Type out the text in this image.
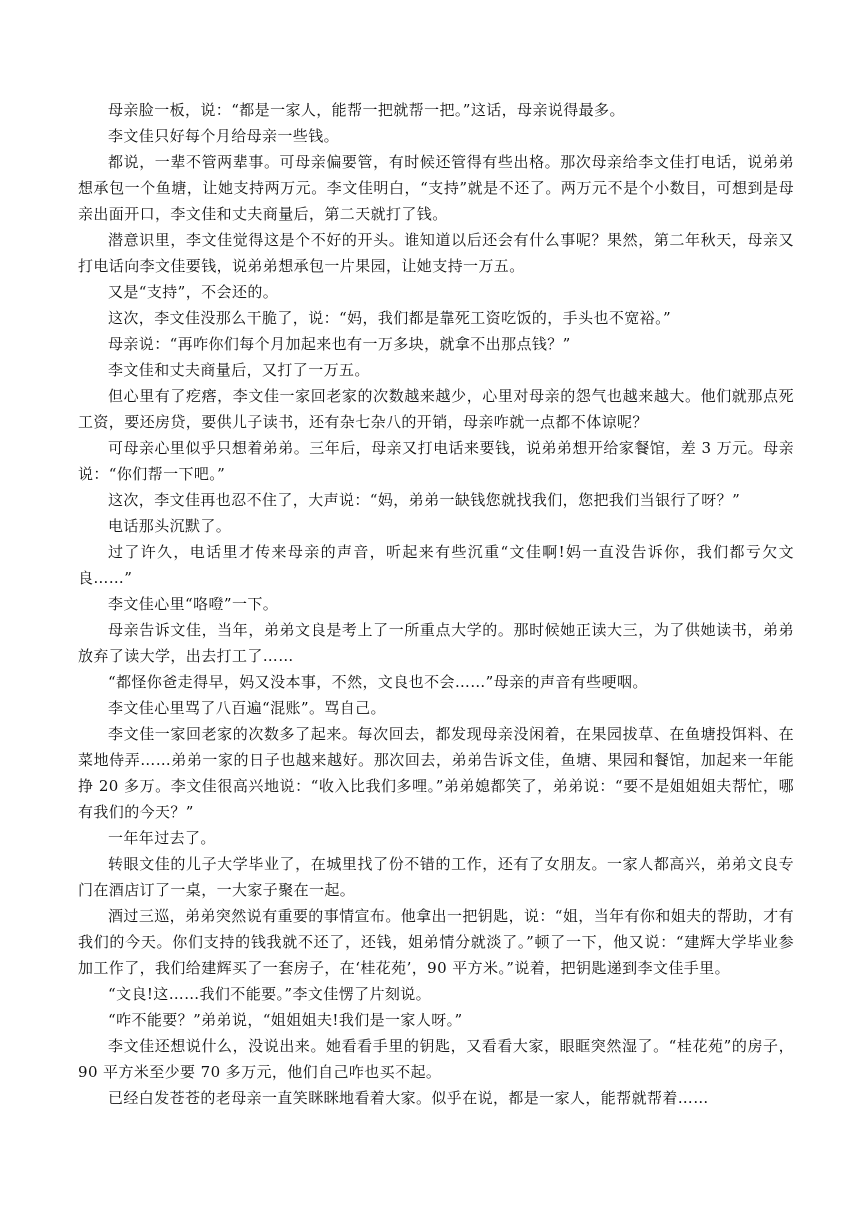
母亲脸一板，说：“都是一家人，能帮一把就帮一把。”这话，母亲说得最多。

李文佳只好每个月给母亲一些钱。

都说，一辈不管两辈事。可母亲偏要管，有时候还管得有些出格。那次母亲给李文佳打电话，说弟弟想承包一个鱼塘，让她支持两万元。李文佳明白，“支持”就是不还了。两万元不是个小数目，可想到是母亲出面开口，李文佳和丈夫商量后，第二天就打了钱。

潜意识里，李文佳觉得这是个不好的开头。谁知道以后还会有什么事呢？果然，第二年秋天，母亲又打电话向李文佳要钱，说弟弟想承包一片果园，让她支持一万五。

又是“支持”，不会还的。

这次，李文佳没那么干脆了，说：“妈，我们都是靠死工资吃饭的，手头也不宽裕。”

母亲说：“再咋你们每个月加起来也有一万多块，就拿不出那点钱？”

李文佳和丈夫商量后，又打了一万五。

但心里有了疙瘩，李文佳一家回老家的次数越来越少，心里对母亲的怨气也越来越大。他们就那点死工资，要还房贷，要供儿子读书，还有杂七杂八的开销，母亲咋就一点都不体谅呢？

可母亲心里似乎只想着弟弟。三年后，母亲又打电话来要钱，说弟弟想开给家餐馆，差 3 万元。母亲说：“你们帮一下吧。”

这次，李文佳再也忍不住了，大声说：“妈，弟弟一缺钱您就找我们，您把我们当银行了呀？”

电话那头沉默了。

过了许久，电话里才传来母亲的声音，听起来有些沉重“文佳啊!妈一直没告诉你，我们都亏欠文良……”

李文佳心里“咯噔”一下。

母亲告诉文佳，当年，弟弟文良是考上了一所重点大学的。那时候她正读大三，为了供她读书，弟弟放弃了读大学，出去打工了……

“都怪你爸走得早，妈又没本事，不然，文良也不会……”母亲的声音有些哽咽。

李文佳心里骂了八百遍“混账”。骂自己。

李文佳一家回老家的次数多了起来。每次回去，都发现母亲没闲着，在果园拔草、在鱼塘投饵料、在菜地侍弄……弟弟一家的日子也越来越好。那次回去，弟弟告诉文佳，鱼塘、果园和餐馆，加起来一年能挣 20 多万。李文佳很高兴地说：“收入比我们多哩。”弟弟媳都笑了，弟弟说：“要不是姐姐姐夫帮忙，哪有我们的今天？”

一年年过去了。

转眼文佳的儿子大学毕业了，在城里找了份不错的工作，还有了女朋友。一家人都高兴，弟弟文良专门在酒店订了一桌，一大家子聚在一起。

酒过三巡，弟弟突然说有重要的事情宣布。他拿出一把钥匙，说：“姐，当年有你和姐夫的帮助，才有我们的今天。你们支持的钱我就不还了，还钱，姐弟情分就淡了。”顿了一下，他又说：“建辉大学毕业参加工作了，我们给建辉买了一套房子，在‘桂花苑’，90 平方米。”说着，把钥匙递到李文佳手里。

“文良!这……我们不能要。”李文佳愣了片刻说。

“咋不能要？”弟弟说，“姐姐姐夫!我们是一家人呀。”

李文佳还想说什么，没说出来。她看看手里的钥匙，又看看大家，眼眶突然湿了。“桂花苑”的房子，90 平方米至少要 70 多万元，他们自己咋也买不起。

已经白发苍苍的老母亲一直笑眯眯地看着大家。似乎在说，都是一家人，能帮就帮着……
